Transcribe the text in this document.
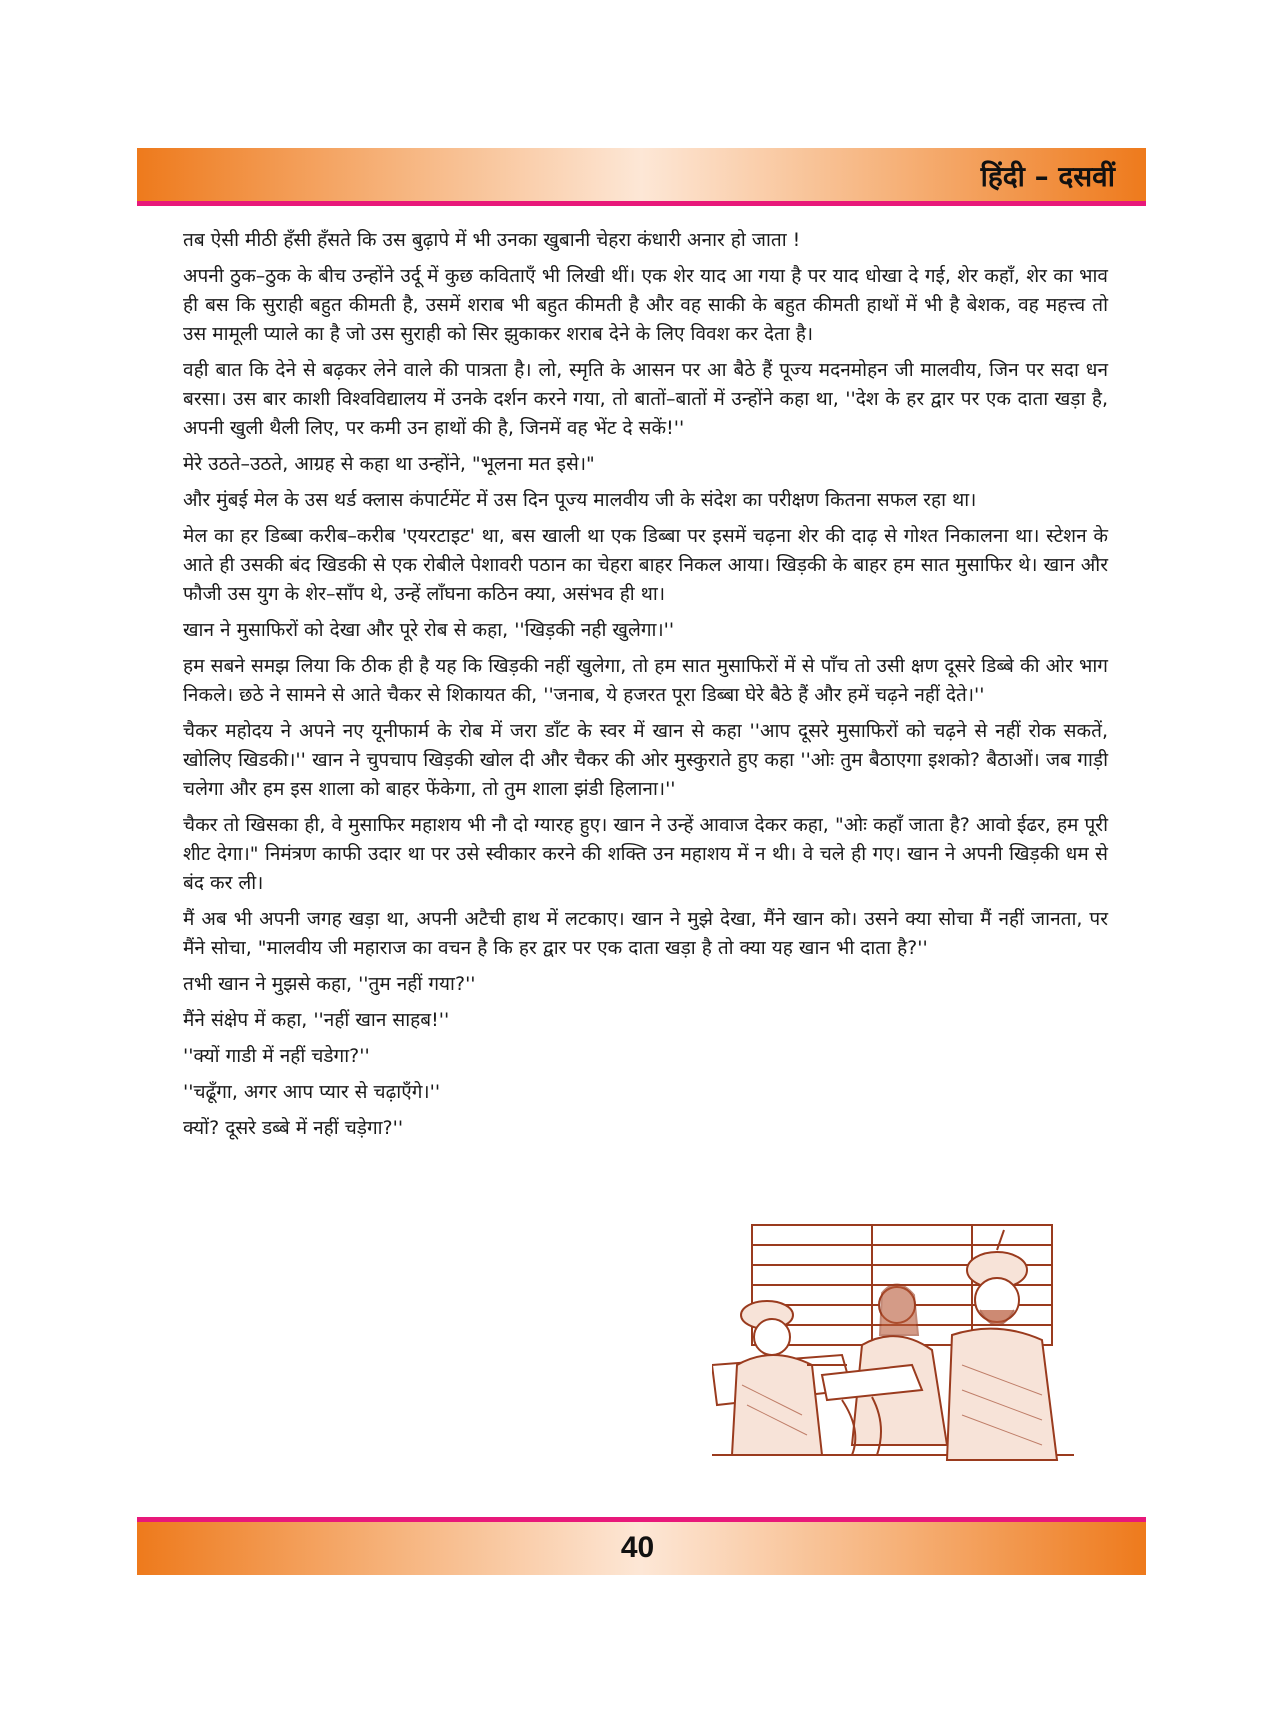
हिंदी – दसवीं

तब ऐसी मीठी हँसी हँसते कि उस बुढ़ापे में भी उनका खुबानी चेहरा कंधारी अनार हो जाता !

अपनी ठुक–ठुक के बीच उन्होंने उर्दू में कुछ कविताएँ भी लिखी थीं। एक शेर याद आ गया है पर याद धोखा दे गई, शेर कहाँ, शेर का भाव ही बस कि सुराही बहुत कीमती है, उसमें शराब भी बहुत कीमती है और वह साकी के बहुत कीमती हाथों में भी है बेशक, वह महत्त्व तो उस मामूली प्याले का है जो उस सुराही को सिर झुकाकर शराब देने के लिए विवश कर देता है।

वही बात कि देने से बढ़कर लेने वाले की पात्रता है। लो, स्मृति के आसन पर आ बैठे हैं पूज्य मदनमोहन जी मालवीय, जिन पर सदा धन बरसा। उस बार काशी विश्वविद्यालय में उनके दर्शन करने गया, तो बातों–बातों में उन्होंने कहा था, ''देश के हर द्वार पर एक दाता खड़ा है, अपनी खुली थैली लिए, पर कमी उन हाथों की है, जिनमें वह भेंट दे सकें!''

मेरे उठते–उठते, आग्रह से कहा था उन्होंने, "भूलना मत इसे।"

और मुंबई मेल के उस थर्ड क्लास कंपार्टमेंट में उस दिन पूज्य मालवीय जी के संदेश का परीक्षण कितना सफल रहा था।

मेल का हर डिब्बा करीब–करीब 'एयरटाइट' था, बस खाली था एक डिब्बा पर इसमें चढ़ना शेर की दाढ़ से गोश्त निकालना था। स्टेशन के आते ही उसकी बंद खिडकी से एक रोबीले पेशावरी पठान का चेहरा बाहर निकल आया। खिड़की के बाहर हम सात मुसाफिर थे। खान और फौजी उस युग के शेर–साँप थे, उन्हें लाँघना कठिन क्या, असंभव ही था।

खान ने मुसाफिरों को देखा और पूरे रोब से कहा, ''खिड़की नही खुलेगा।''

हम सबने समझ लिया कि ठीक ही है यह कि खिड़की नहीं खुलेगा, तो हम सात मुसाफिरों में से पाँच तो उसी क्षण दूसरे डिब्बे की ओर भाग निकले। छठे ने सामने से आते चैकर से शिकायत की, ''जनाब, ये हजरत पूरा डिब्बा घेरे बैठे हैं और हमें चढ़ने नहीं देते।''

चैकर महोदय ने अपने नए यूनीफार्म के रोब में जरा डाँट के स्वर में खान से कहा ''आप दूसरे मुसाफिरों को चढ़ने से नहीं रोक सकतें, खोलिए खिडकी।'' खान ने चुपचाप खिड़की खोल दी और चैकर की ओर मुस्कुराते हुए कहा ''ओः तुम बैठाएगा इशको? बैठाओं। जब गाड़ी चलेगा और हम इस शाला को बाहर फेंकेगा, तो तुम शाला झंडी हिलाना।''

चैकर तो खिसका ही, वे मुसाफिर महाशय भी नौ दो ग्यारह हुए। खान ने उन्हें आवाज देकर कहा, "ओः कहाँ जाता है? आवो ईढर, हम पूरी शीट देगा।" निमंत्रण काफी उदार था पर उसे स्वीकार करने की शक्ति उन महाशय में न थी। वे चले ही गए। खान ने अपनी खिड़की धम से बंद कर ली।

मैं अब भी अपनी जगह खड़ा था, अपनी अटैची हाथ में लटकाए। खान ने मुझे देखा, मैंने खान को। उसने क्या सोचा मैं नहीं जानता, पर मैंने सोचा, "मालवीय जी महाराज का वचन है कि हर द्वार पर एक दाता खड़ा है तो क्या यह खान भी दाता है?''

तभी खान ने मुझसे कहा, ''तुम नहीं गया?''

मैंने संक्षेप में कहा, ''नहीं खान साहब!''

''क्यों गाडी में नहीं चडेगा?''

''चढूँगा, अगर आप प्यार से चढ़ाएँगे।''

क्यों? दूसरे डब्बे में नहीं चड़ेगा?''

40
